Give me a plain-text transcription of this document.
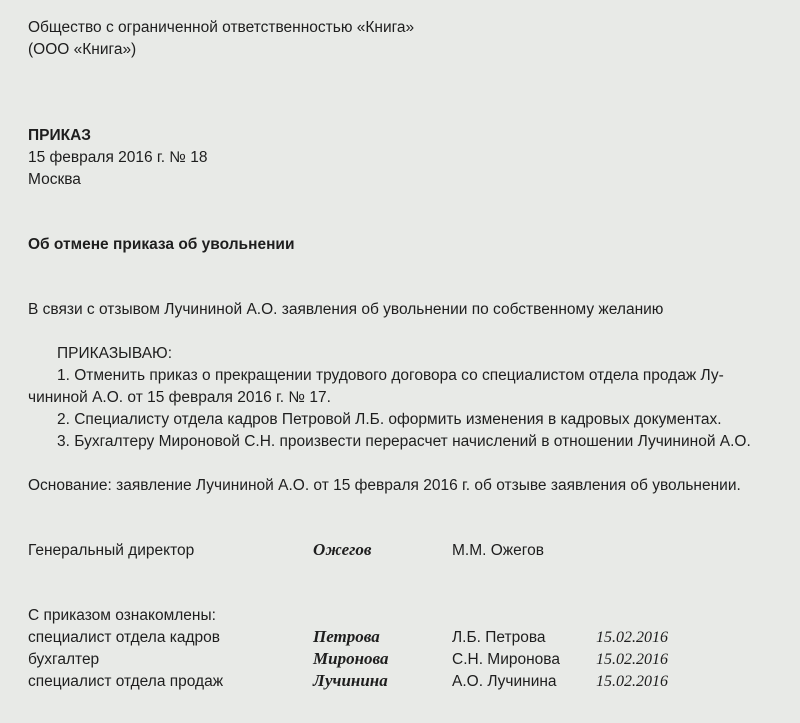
Общество с ограниченной ответственностью «Книга»
(ООО «Книга»)
ПРИКАЗ
15 февраля 2016 г. № 18
Москва
Об отмене приказа об увольнении
В связи с отзывом Лучининой А.О. заявления об увольнении по собственному желанию
ПРИКАЗЫВАЮ:
1. Отменить приказ о прекращении трудового договора со специалистом отдела продаж Лу-
чининой А.О. от 15 февраля 2016 г. № 17.
2. Специалисту отдела кадров Петровой Л.Б. оформить изменения в кадровых документах.
3. Бухгалтеру Мироновой С.Н. произвести перерасчет начислений в отношении Лучининой А.О.
Основание: заявление Лучининой А.О. от 15 февраля 2016 г. об отзыве заявления об увольнении.
Генеральный директор	Ожегов	М.М. Ожегов
С приказом ознакомлены:
специалист отдела кадров	Петрова	Л.Б. Петрова	15.02.2016
бухгалтер	Миронова	С.Н. Миронова 15.02.2016
специалист отдела продаж	Лучинина	А.О. Лучинина 15.02.2016
